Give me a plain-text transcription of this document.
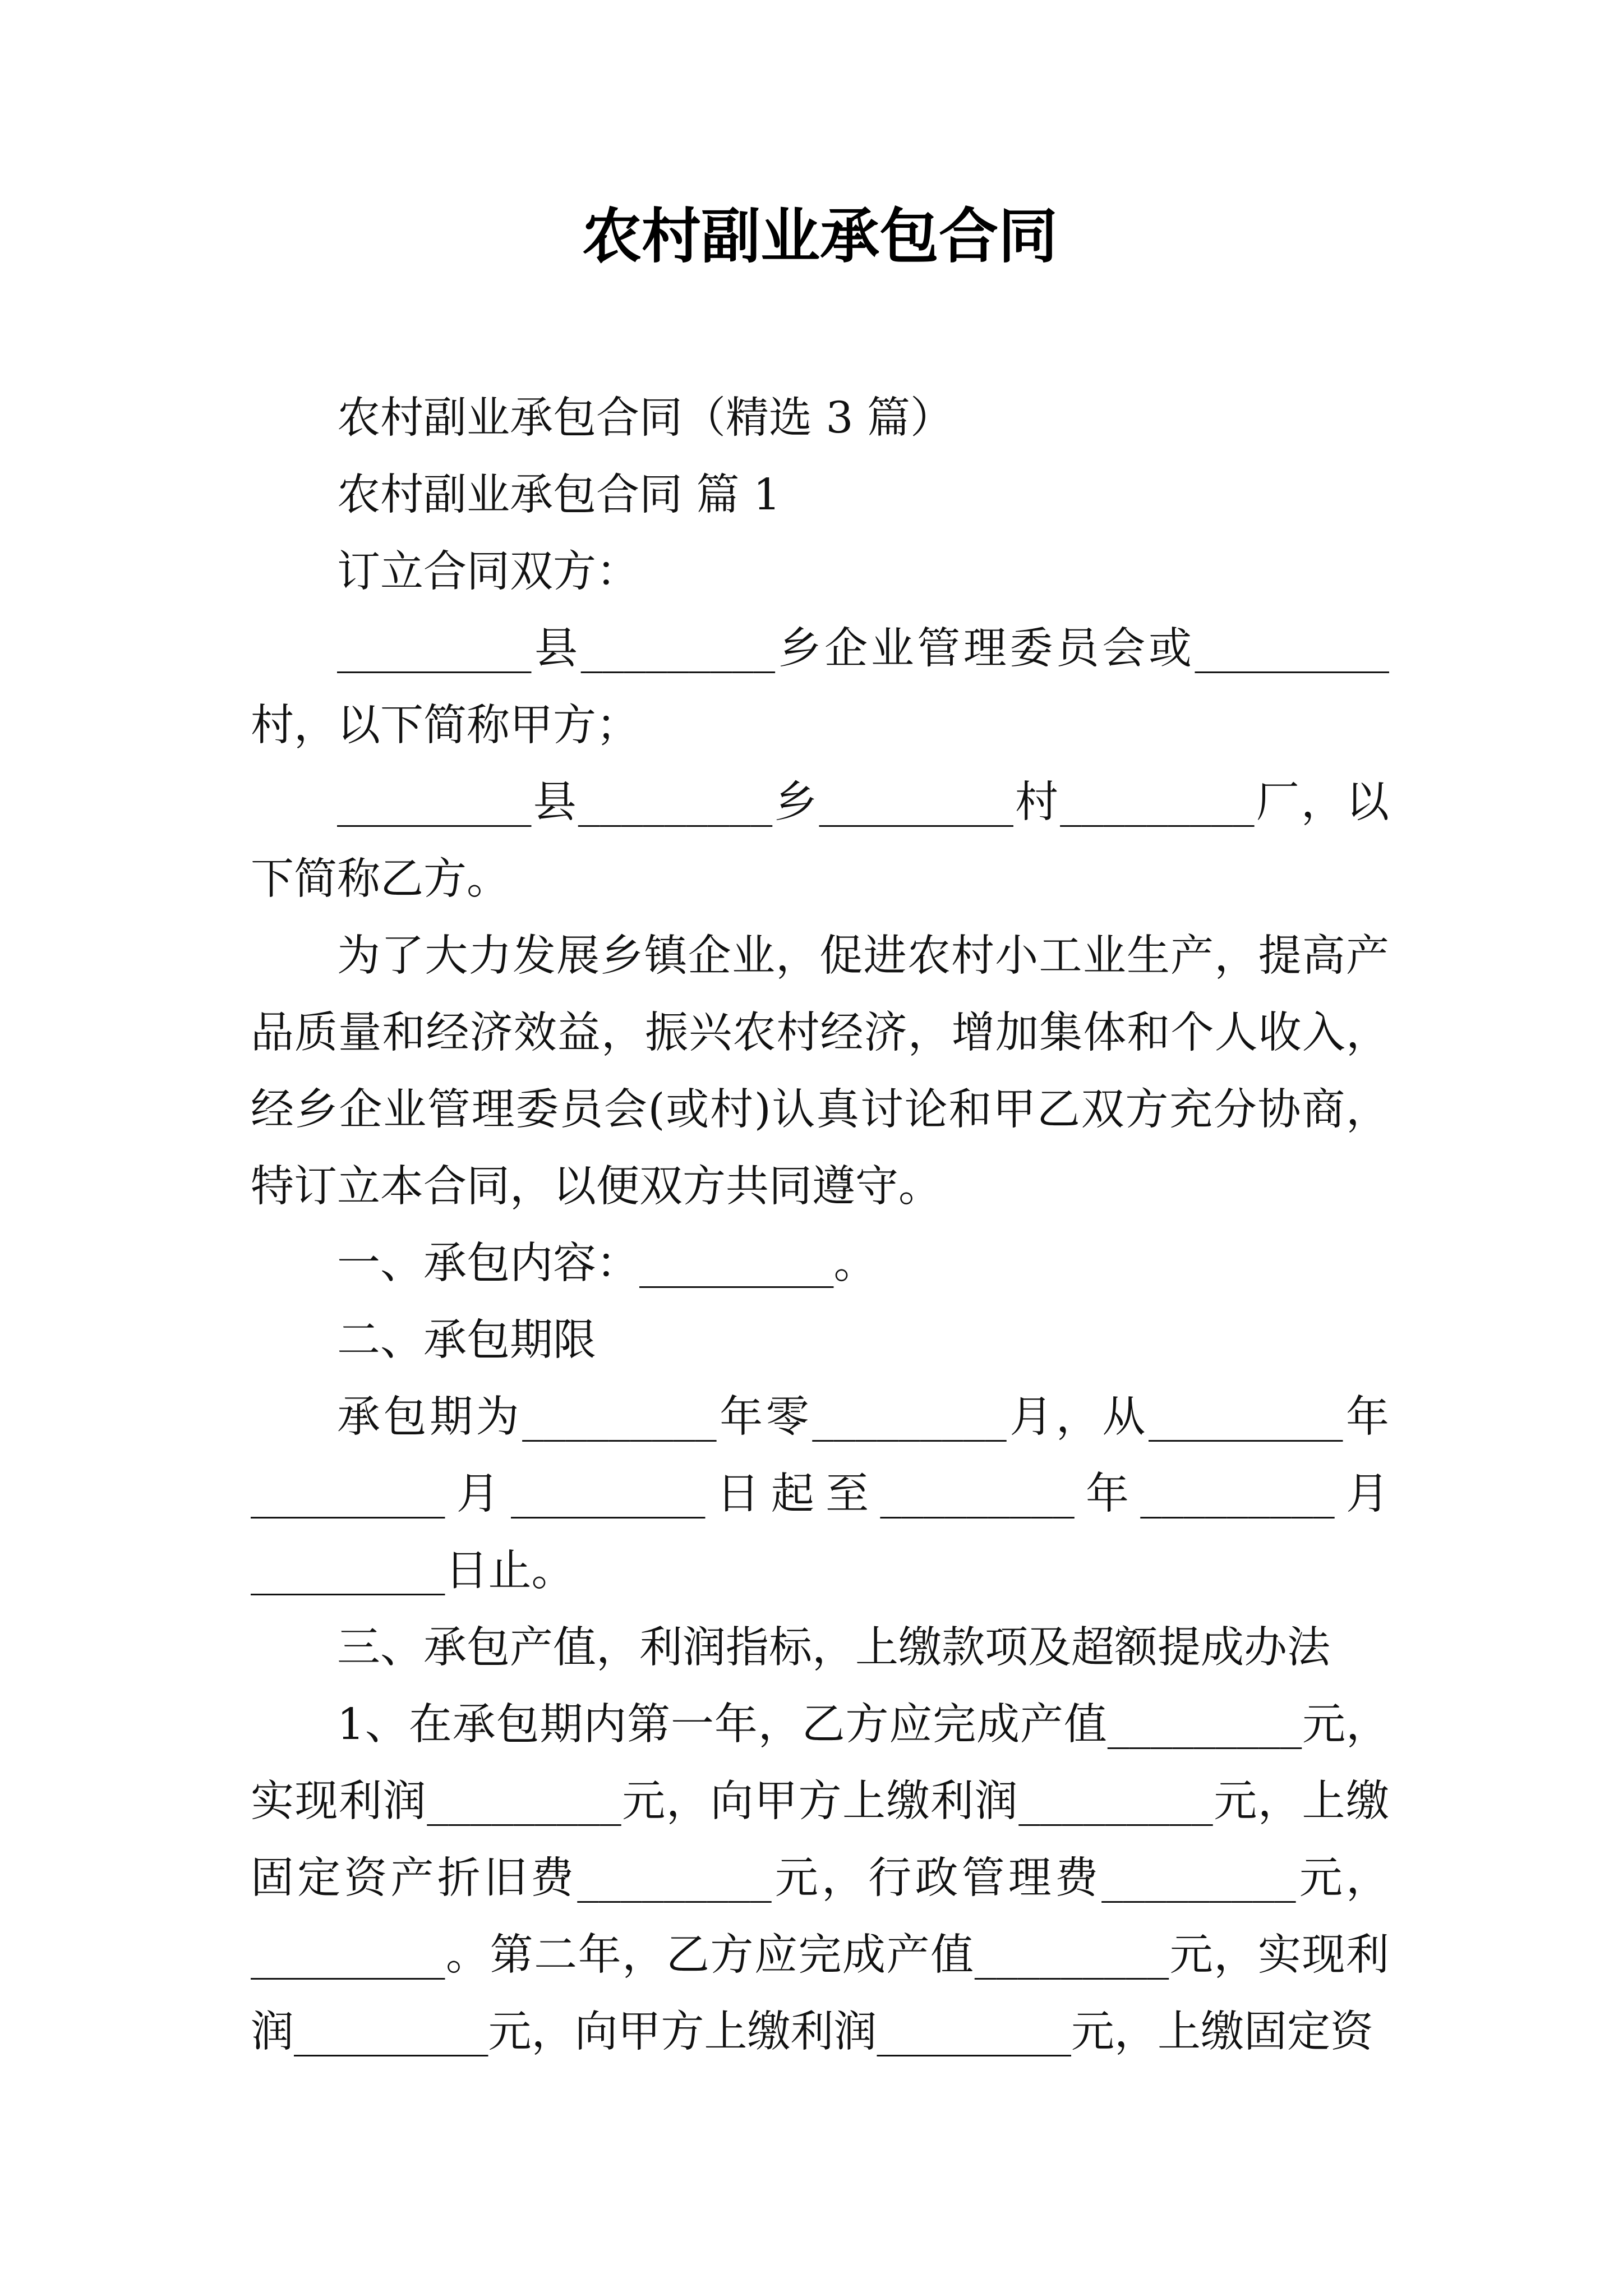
农村副业承包合同
农村副业承包合同（精选 3 篇）
农村副业承包合同 篇 1
订立合同双方：
_________县_________乡企业管理委员会或_________
村，以下简称甲方；
_________县_________乡_________村_________厂，以
下简称乙方。
为了大力发展乡镇企业，促进农村小工业生产，提高产
品质量和经济效益，振兴农村经济，增加集体和个人收入，
经乡企业管理委员会(或村)认真讨论和甲乙双方充分协商，
特订立本合同，以便双方共同遵守。
一、承包内容：_________。
二、承包期限
承包期为_________年零_________月，从_________年
_________月_________日起至_________年_________月
_________日止。
三、承包产值，利润指标，上缴款项及超额提成办法
1、在承包期内第一年，乙方应完成产值_________元，
实现利润_________元，向甲方上缴利润_________元，上缴
固定资产折旧费_________元，行政管理费_________元，
_________。第二年，乙方应完成产值_________元，实现利
润_________元，向甲方上缴利润_________元，上缴固定资
